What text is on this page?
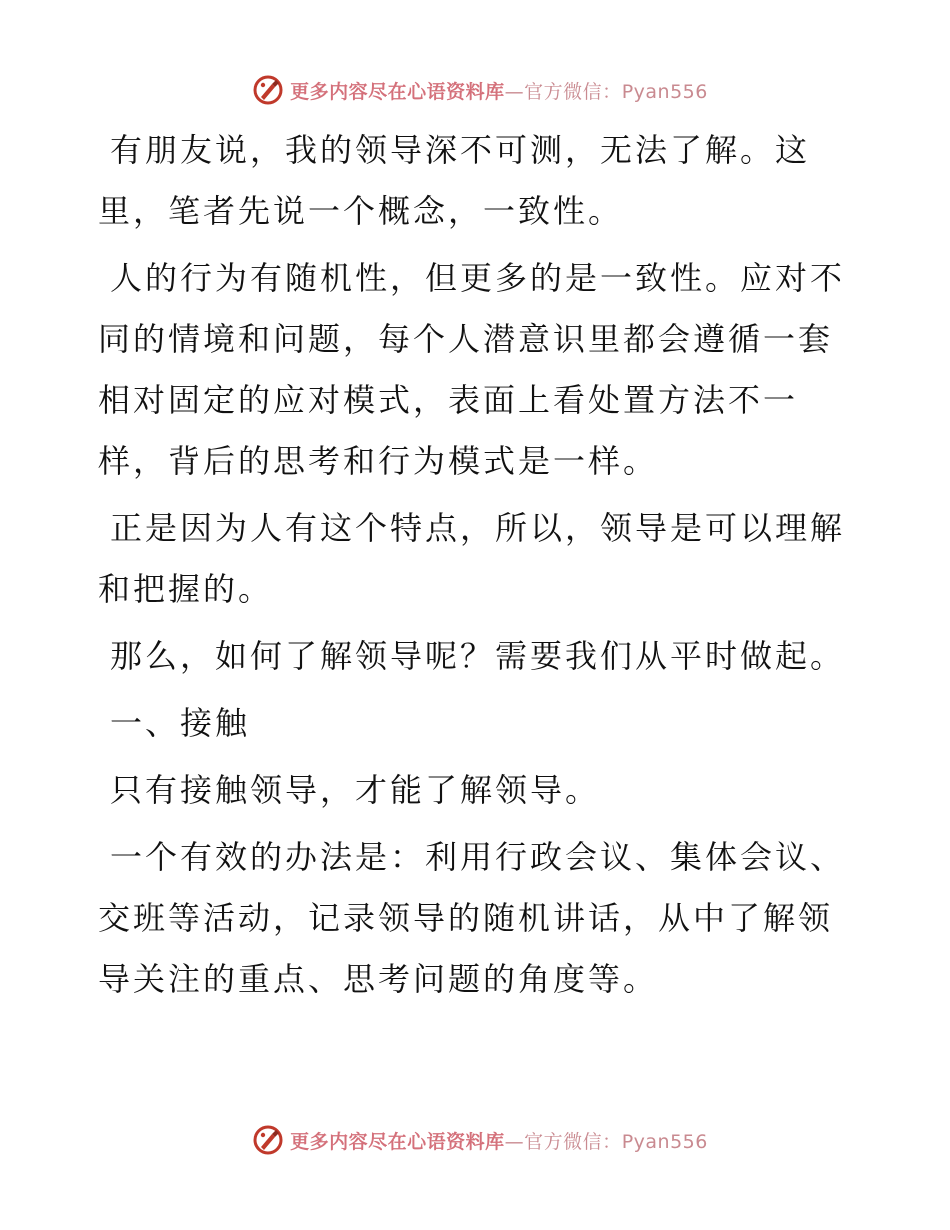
更多内容尽在心语资料库—官方微信：Pyan556

有朋友说，我的领导深不可测，无法了解。这里，笔者先说一个概念，一致性。

人的行为有随机性，但更多的是一致性。应对不同的情境和问题，每个人潜意识里都会遵循一套相对固定的应对模式，表面上看处置方法不一样，背后的思考和行为模式是一样。

正是因为人有这个特点，所以，领导是可以理解和把握的。

那么，如何了解领导呢？需要我们从平时做起。

一、接触

只有接触领导，才能了解领导。

一个有效的办法是：利用行政会议、集体会议、交班等活动，记录领导的随机讲话，从中了解领导关注的重点、思考问题的角度等。

更多内容尽在心语资料库—官方微信：Pyan556
